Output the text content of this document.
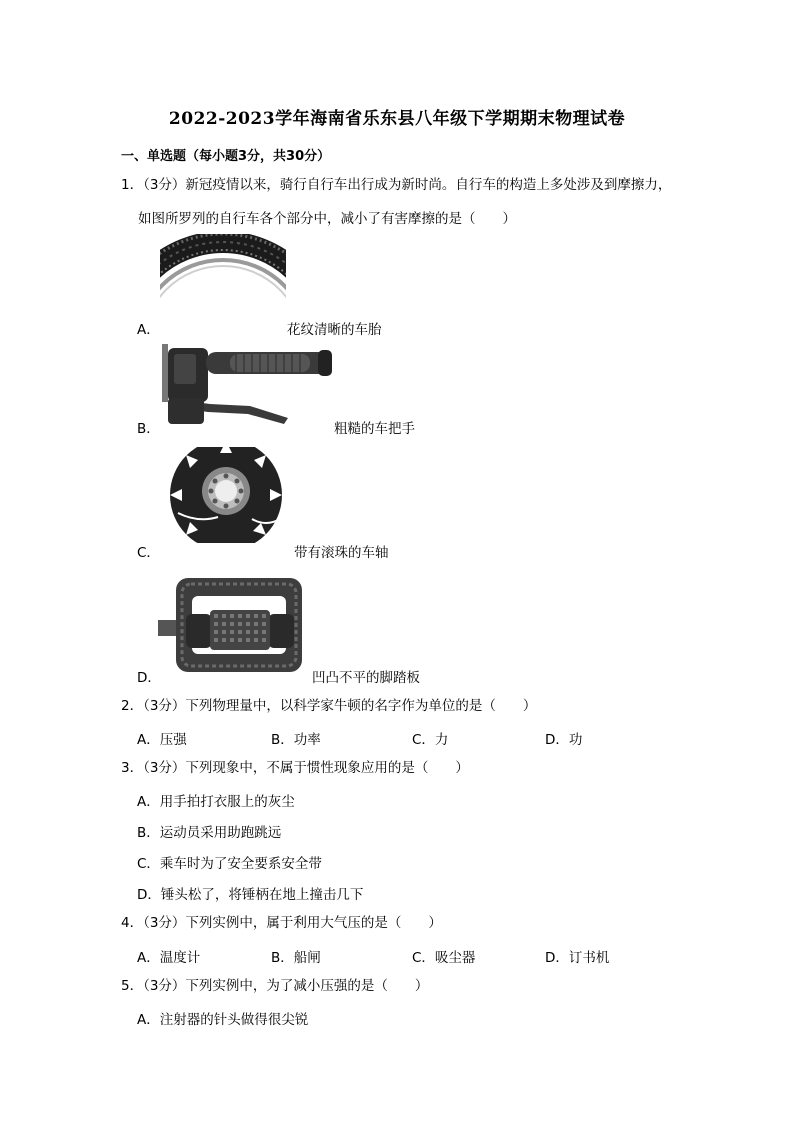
2022-2023学年海南省乐东县八年级下学期期末物理试卷
一、单选题（每小题3分，共30分）
1．（3分）新冠疫情以来，骑行自行车出行成为新时尚。自行车的构造上多处涉及到摩擦力，
如图所罗列的自行车各个部分中，减小了有害摩擦的是（　　）
A．	花纹清晰的车胎
B．	粗糙的车把手
C．	带有滚珠的车轴
D．	凹凸不平的脚踏板
2．（3分）下列物理量中，以科学家牛顿的名字作为单位的是（　　）
A．压强	B．功率	C．力	D．功
3．（3分）下列现象中，不属于惯性现象应用的是（　　）
A．用手拍打衣服上的灰尘
B．运动员采用助跑跳远
C．乘车时为了安全要系安全带
D．锤头松了，将锤柄在地上撞击几下
4．（3分）下列实例中，属于利用大气压的是（　　）
A．温度计	B．船闸	C．吸尘器	D．订书机
5．（3分）下列实例中，为了减小压强的是（　　）
A．注射器的针头做得很尖锐
